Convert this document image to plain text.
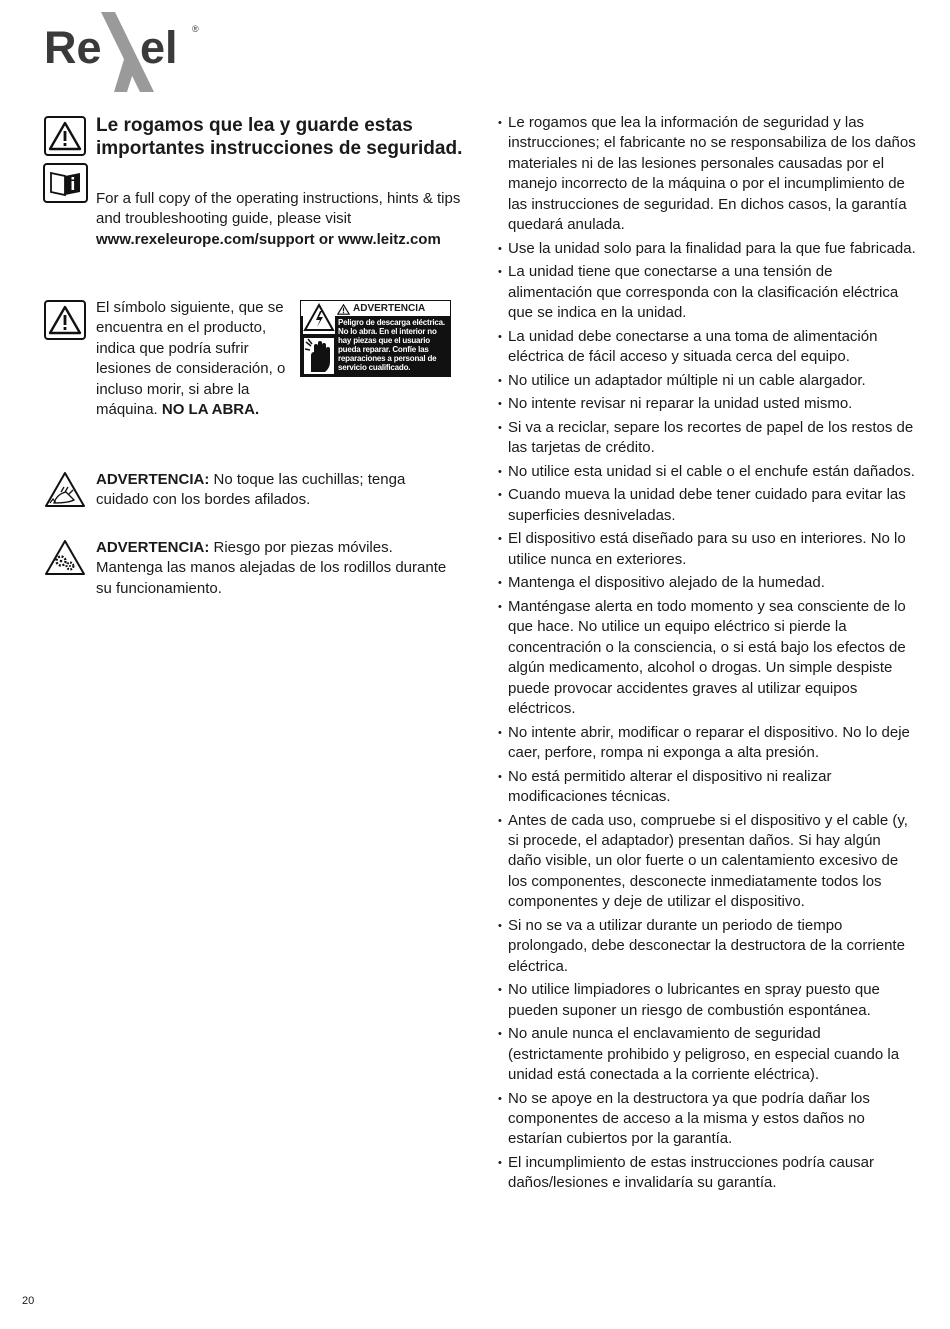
Re el ®
Le rogamos que lea y guarde estas importantes instrucciones de seguridad.

For a full copy of the operating instructions, hints & tips and troubleshooting guide, please visit www.rexeleurope.com/support or www.leitz.com

El símbolo siguiente, que se encuentra en el producto, indica que podría sufrir lesiones de consideración, o incluso morir, si abre la máquina. NO LA ABRA.

ADVERTENCIA
Peligro de descarga eléctrica. No lo abra. En el interior no hay piezas que el usuario pueda reparar. Confíe las reparaciones a personal de servicio cualificado.

ADVERTENCIA: No toque las cuchillas; tenga cuidado con los bordes afilados.

ADVERTENCIA: Riesgo por piezas móviles. Mantenga las manos alejadas de los rodillos durante su funcionamiento.

• Le rogamos que lea la información de seguridad y las instrucciones; el fabricante no se responsabiliza de los daños materiales ni de las lesiones personales causadas por el manejo incorrecto de la máquina o por el incumplimiento de las instrucciones de seguridad. En dichos casos, la garantía quedará anulada.
• Use la unidad solo para la finalidad para la que fue fabricada.
• La unidad tiene que conectarse a una tensión de alimentación que corresponda con la clasificación eléctrica que se indica en la unidad.
• La unidad debe conectarse a una toma de alimentación eléctrica de fácil acceso y situada cerca del equipo.
• No utilice un adaptador múltiple ni un cable alargador.
• No intente revisar ni reparar la unidad usted mismo.
• Si va a reciclar, separe los recortes de papel de los restos de las tarjetas de crédito.
• No utilice esta unidad si el cable o el enchufe están dañados.
• Cuando mueva la unidad debe tener cuidado para evitar las superficies desniveladas.
• El dispositivo está diseñado para su uso en interiores. No lo utilice nunca en exteriores.
• Mantenga el dispositivo alejado de la humedad.
• Manténgase alerta en todo momento y sea consciente de lo que hace. No utilice un equipo eléctrico si pierde la concentración o la consciencia, o si está bajo los efectos de algún medicamento, alcohol o drogas. Un simple despiste puede provocar accidentes graves al utilizar equipos eléctricos.
• No intente abrir, modificar o reparar el dispositivo. No lo deje caer, perfore, rompa ni exponga a alta presión.
• No está permitido alterar el dispositivo ni realizar modificaciones técnicas.
• Antes de cada uso, compruebe si el dispositivo y el cable (y, si procede, el adaptador) presentan daños. Si hay algún daño visible, un olor fuerte o un calentamiento excesivo de los componentes, desconecte inmediatamente todos los componentes y deje de utilizar el dispositivo.
• Si no se va a utilizar durante un periodo de tiempo prolongado, debe desconectar la destructora de la corriente eléctrica.
• No utilice limpiadores o lubricantes en spray puesto que pueden suponer un riesgo de combustión espontánea.
• No anule nunca el enclavamiento de seguridad (estrictamente prohibido y peligroso, en especial cuando la unidad está conectada a la corriente eléctrica).
• No se apoye en la destructora ya que podría dañar los componentes de acceso a la misma y estos daños no estarían cubiertos por la garantía.
• El incumplimiento de estas instrucciones podría causar daños/lesiones e invalidaría su garantía.
20
